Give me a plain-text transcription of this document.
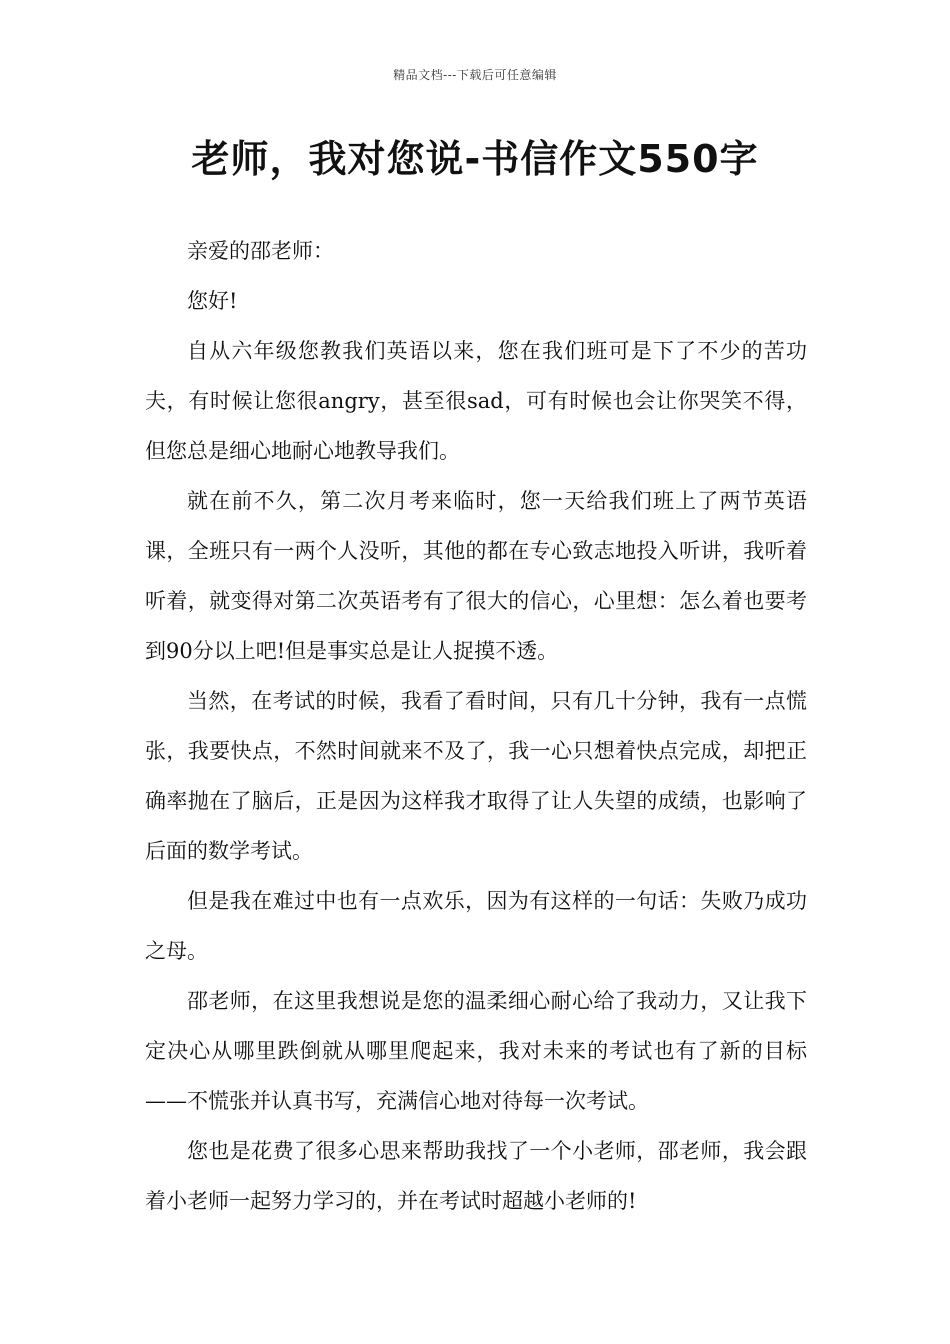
精品文档---下载后可任意编辑
老师，我对您说-书信作文550字

亲爱的邵老师：

您好!

自从六年级您教我们英语以来，您在我们班可是下了不少的苦功夫，有时候让您很angry，甚至很sad，可有时候也会让你哭笑不得，但您总是细心地耐心地教导我们。

就在前不久，第二次月考来临时，您一天给我们班上了两节英语课，全班只有一两个人没听，其他的都在专心致志地投入听讲，我听着听着，就变得对第二次英语考有了很大的信心，心里想：怎么着也要考到90分以上吧!但是事实总是让人捉摸不透。

当然，在考试的时候，我看了看时间，只有几十分钟，我有一点慌张，我要快点，不然时间就来不及了，我一心只想着快点完成，却把正确率抛在了脑后，正是因为这样我才取得了让人失望的成绩，也影响了后面的数学考试。

但是我在难过中也有一点欢乐，因为有这样的一句话：失败乃成功之母。

邵老师，在这里我想说是您的温柔细心耐心给了我动力，又让我下定决心从哪里跌倒就从哪里爬起来，我对未来的考试也有了新的目标——不慌张并认真书写，充满信心地对待每一次考试。

您也是花费了很多心思来帮助我找了一个小老师，邵老师，我会跟着小老师一起努力学习的，并在考试时超越小老师的!
